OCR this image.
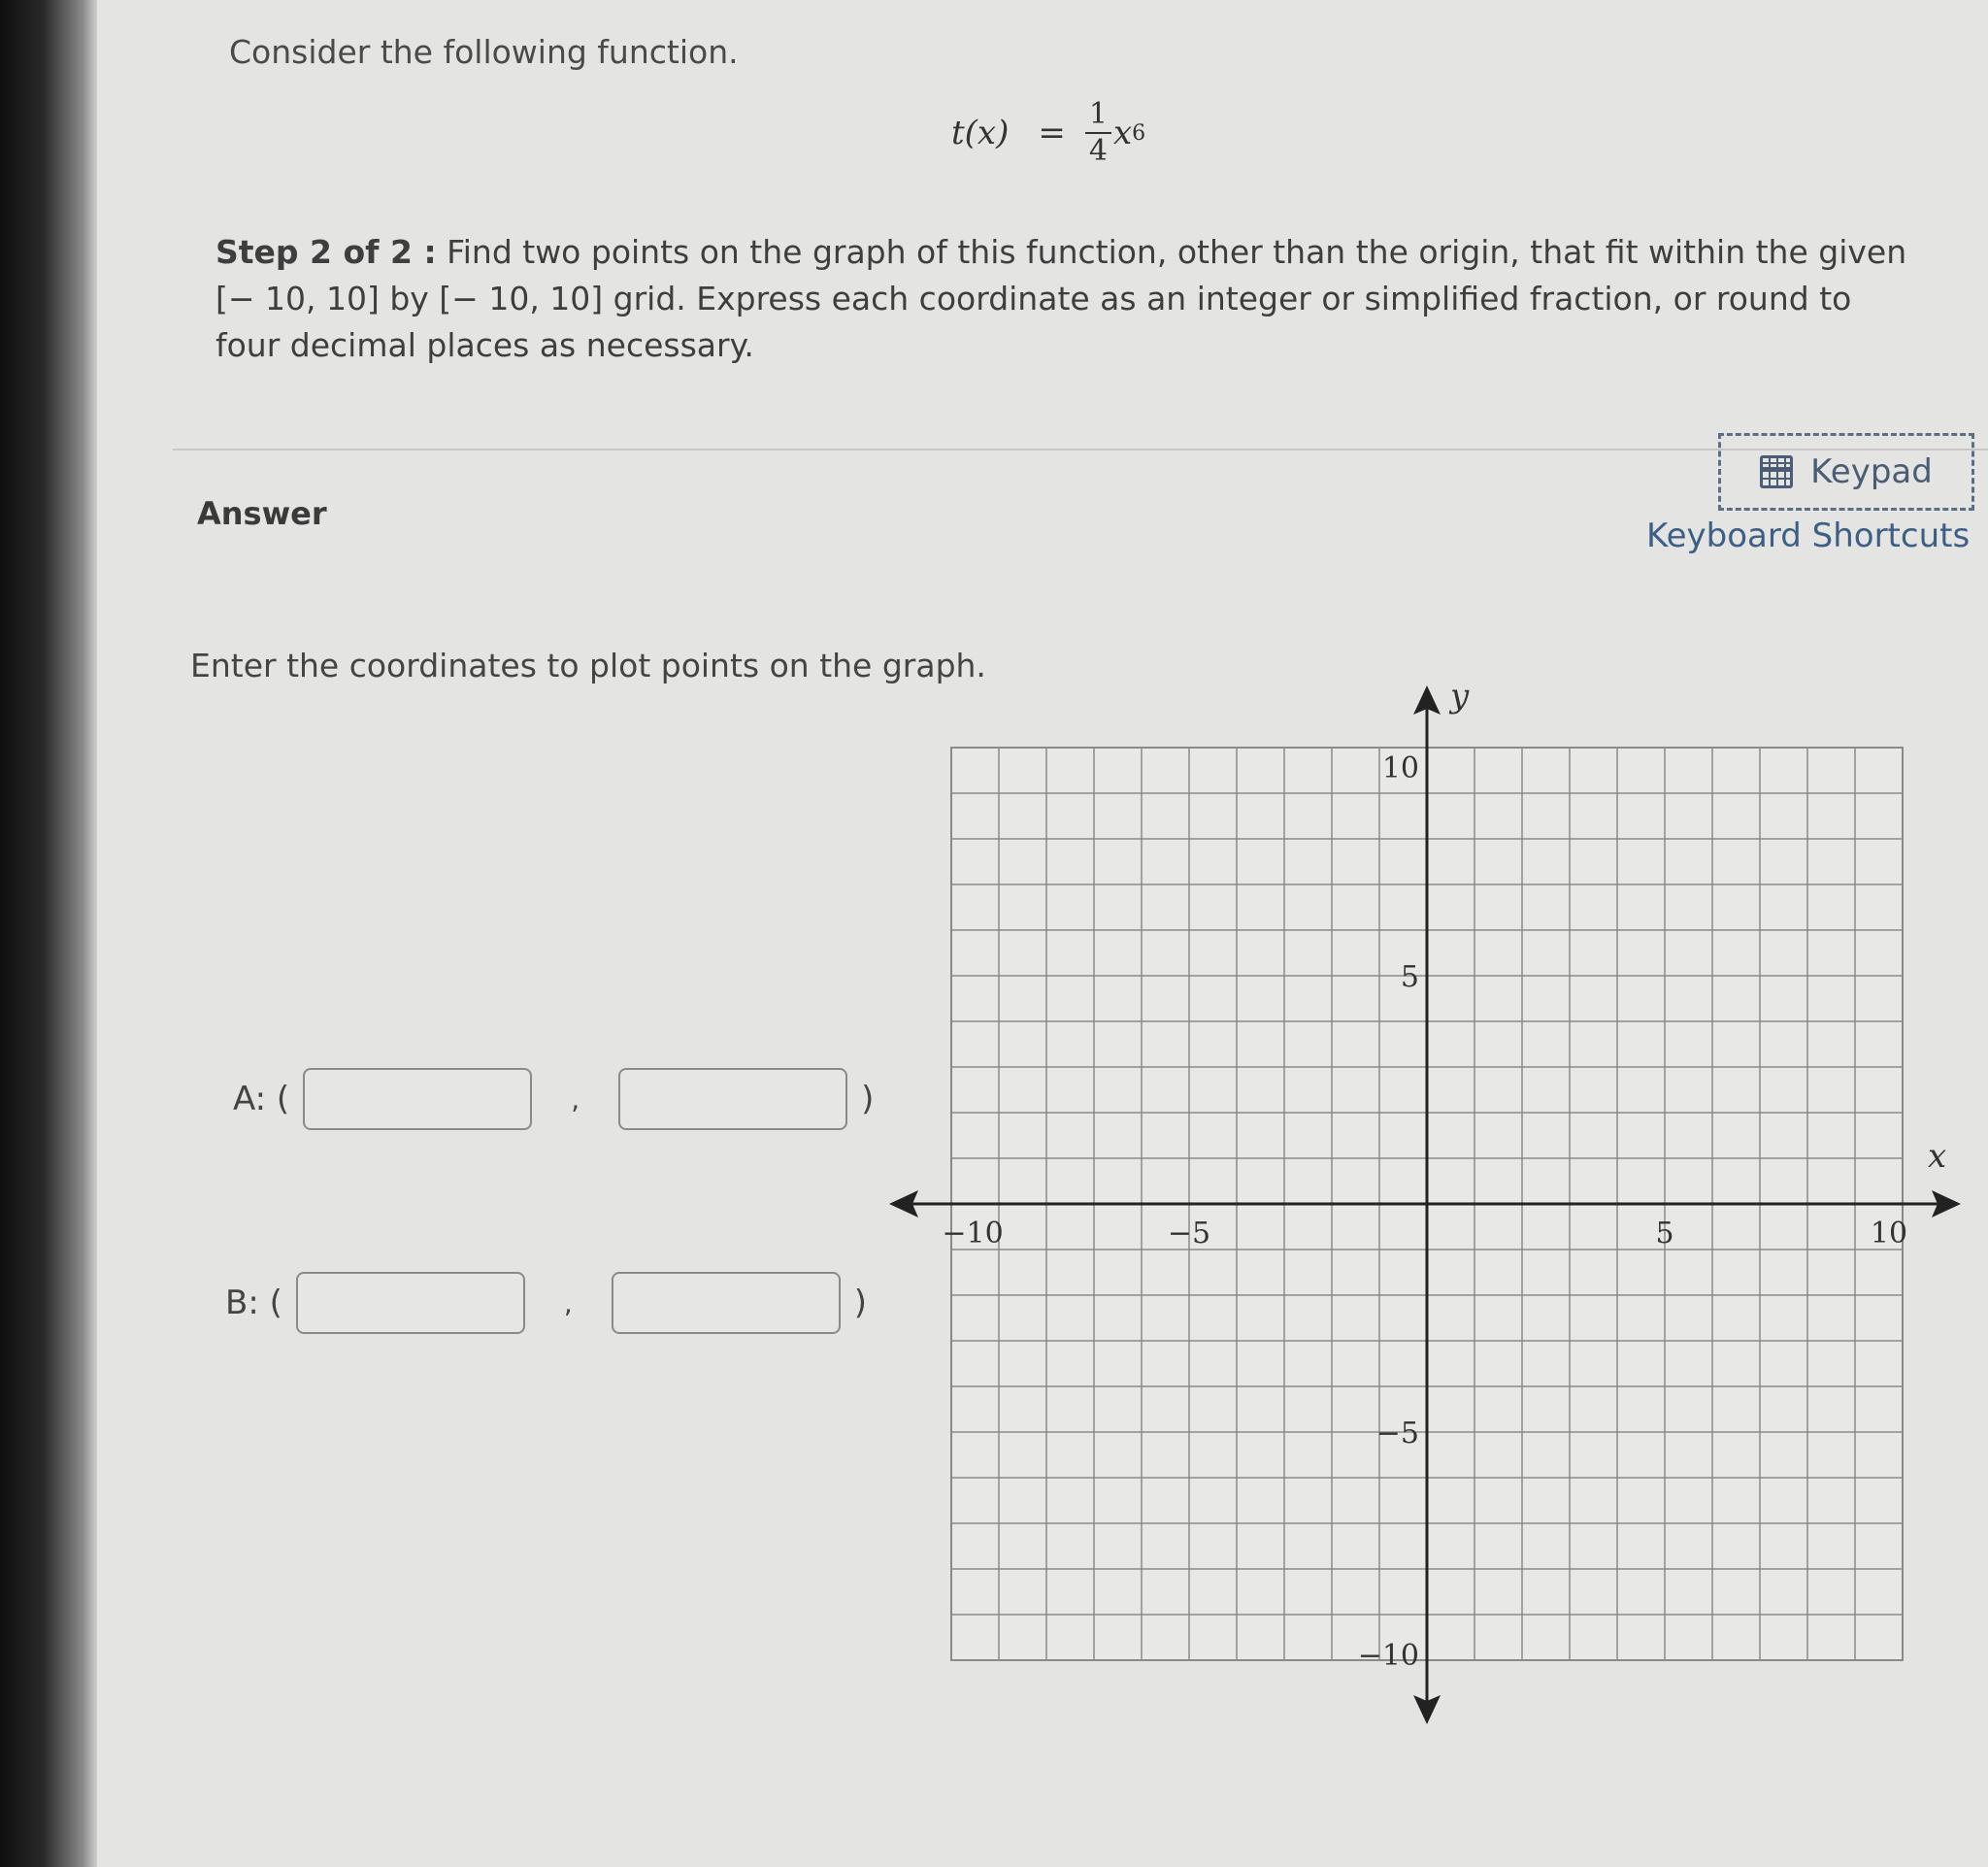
Consider the following function.
$t(x) = \frac{1}{4}$ x 6
Step 2 of 2 : Find two points on the graph of this function, other than the origin, that fit within the given [− 10, 10] by [− 10, 10] grid. Express each coordinate as an integer or simplified fraction, or round to four decimal places as necessary.
Answer
Keypad
Keyboard Shortcuts
Enter the coordinates to plot points on the graph.
A: (	,	)
B: (	,	)
−10	−5	5	10
10
5
−5
−10
x
y
